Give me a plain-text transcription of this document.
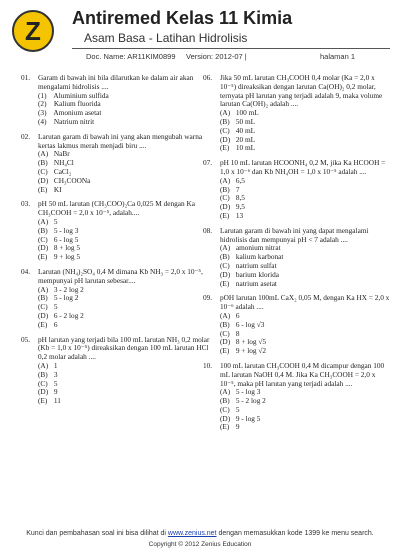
Z	Antiremed Kelas 11 Kimia
Asam Basa - Latihan Hidrolisis
Doc. Name: AR11KIM0899 Version: 2012-07 |	halaman 1
01. Garam di bawah ini bila dilarutkan ke dalam air akan mengalami hidrolisis ....
(1) Aluminium sulfida
(2) Kalium fluorida
(3) Amonium asetat
(4) Natrium nitrit
02. Larutan garam di bawah ini yang akan mengubah warna kertas lakmus merah menjadi biru ....
(A) NaBr
(B) NH₄Cl
(C) CaCl₂
(D) CH₃COONa
(E) KI
03. pH 50 mL larutan (CH₃COO)₂Ca 0,025 M dengan Ka CH₃COOH = 2,0 x 10⁻⁵, adalah....
(A) 5
(B) 5 - log 3
(C) 6 - log 5
(D) 8 + log 5
(E) 9 + log 5
04. Larutan (NH₄)₂SO₄ 0,4 M dimana Kb NH₃ = 2,0 x 10⁻⁵, mempunyai pH larutan sebesar....
(A) 3 - 2 log 2
(B) 5 - log 2
(C) 5
(D) 6 - 2 log 2
(E) 6
05. pH larutan yang terjadi bila 100 mL larutan NH₃ 0,2 molar (Kb = 1,0 x 10⁻⁵) direaksikan dengan 100 mL larutan HCl 0,2 molar adalah ....
(A) 1
(B) 3
(C) 5
(D) 9
(E) 11
06. Jika 50 mL larutan CH₃COOH 0,4 molar (Ka = 2,0 x 10⁻⁵) direaksikan dengan larutan Ca(OH)₂ 0,2 molar, ternyata pH larutan yang terjadi adalah 9, maka volume larutan Ca(OH)₂ adalah ....
(A) 100 mL
(B) 50 mL
(C) 40 mL
(D) 20 mL
(E) 10 mL
07. pH 10 mL larutan HCOONH₄ 0,2 M, jika Ka HCOOH = 1,0 x 10⁻⁶ dan Kb NH₄OH = 1,0 x 10⁻⁵ adalah ....
(A) 6,5
(B) 7
(C) 8,5
(D) 9,5
(E) 13
08. Larutan garam di bawah ini yang dapat mengalami hidrolisis dan mempunyai pH < 7 adalah ....
(A) amonium nitrat
(B) kalium karbonat
(C) natrium sulfat
(D) barium klorida
(E) natrium asetat
09. pOH larutan 100mL CaX₂ 0,05 M, dengan Ka HX = 2,0 x 10⁻⁶ adalah ....
(A) 6
(B) 6 - log √3
(C) 8
(D) 8 + log √5
(E) 9 + log √2
10. 100 mL larutan CH₃COOH 0,4 M dicampur dengan 100 mL larutan NaOH 0,4 M. Jika Ka CH₃COOH = 2,0 x 10⁻⁵, maka pH larutan yang terjadi adalah ....
(A) 5 - log 3
(B) 5 - 2 log 2
(C) 5
(D) 9 - log 5
(E) 9
Kunci dan pembahasan soal ini bisa dilihat di www.zenius.net dengan memasukkan kode 1399 ke menu search.
Copyright © 2012 Zenius Education
